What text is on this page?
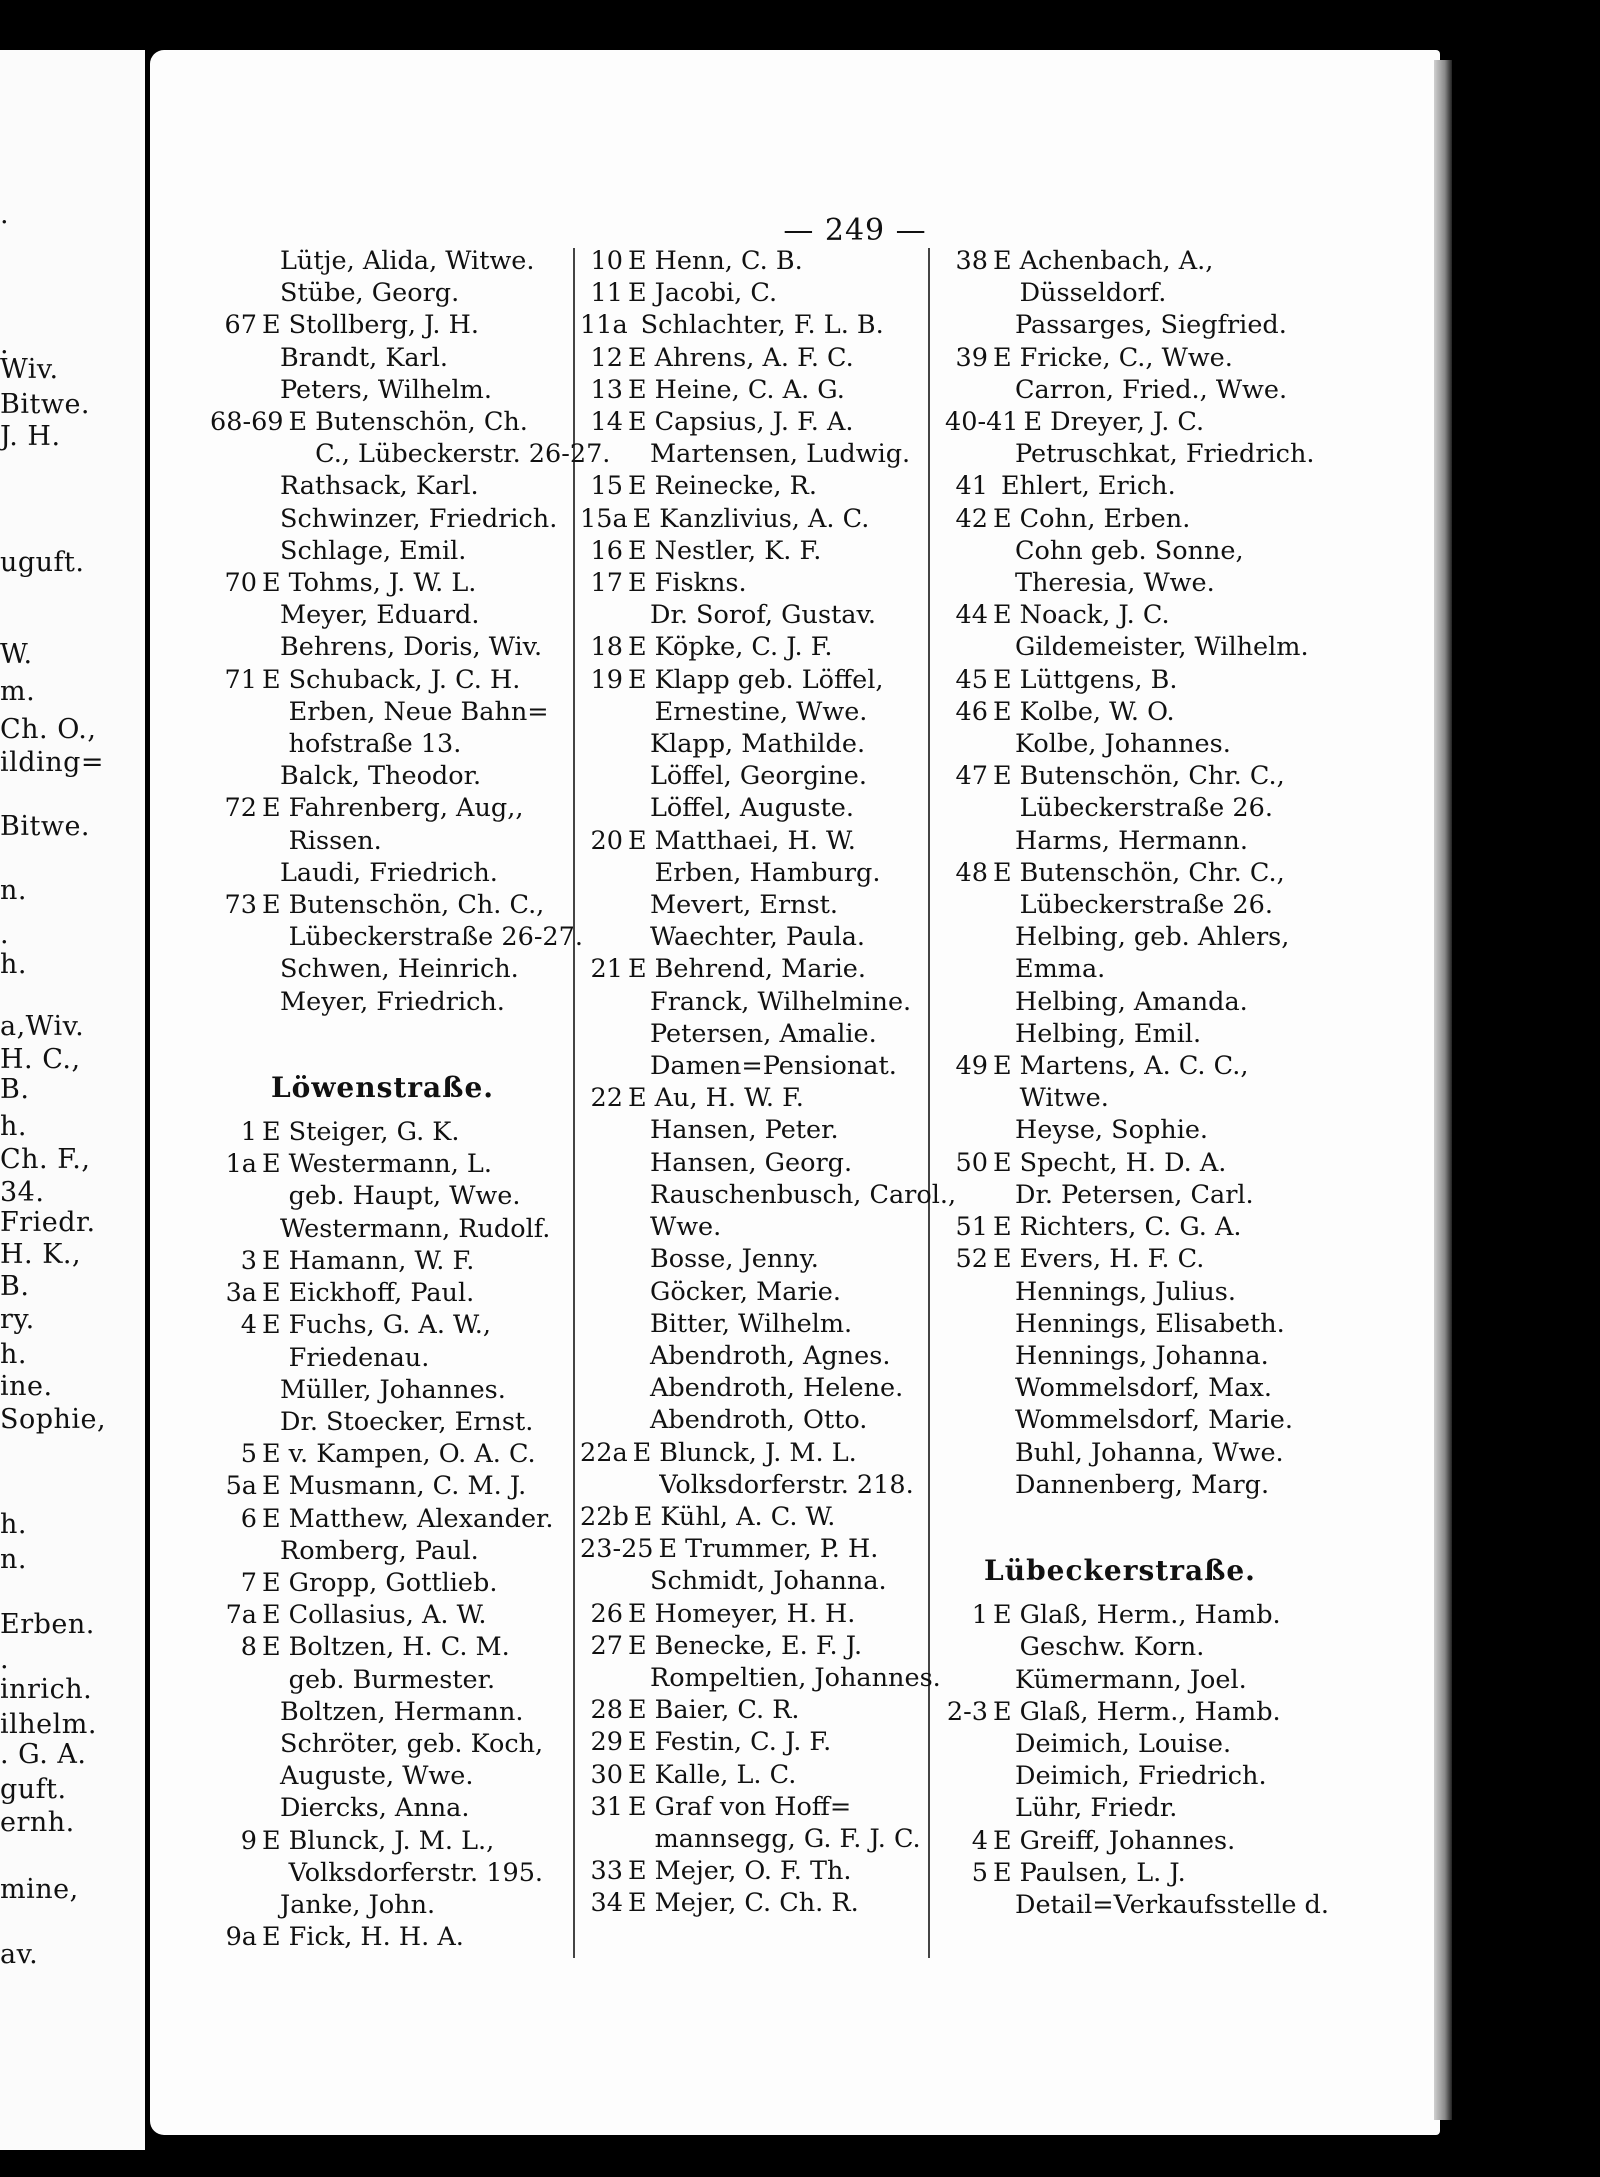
.
.
Wiv.
Bitwe.
J. H.
uguft.
W.
m.
Ch. O.,
ilding=
Bitwe.
n.
.
h.
a,Wiv.
H. C.,
B.
h.
Ch. F.,
34.
Friedr.
H. K.,
B.
ry.
h.
ine.
Sophie,
h.
n.
Erben.
.
inrich.
ilhelm.
. G. A.
guft.
ernh.
mine,
av.
— 249 —
Lütje, Alida, Witwe.
Stübe, Georg.
67 E Stollberg, J. H.
Brandt, Karl.
Peters, Wilhelm.
68-69 E Butenschön, Ch.
C., Lübeckerstr. 26-27.
Rathsack, Karl.
Schwinzer, Friedrich.
Schlage, Emil.
70 E Tohms, J. W. L.
Meyer, Eduard.
Behrens, Doris, Wiv.
71 E Schuback, J. C. H.
Erben, Neue Bahn=
hofstraße 13.
Balck, Theodor.
72 E Fahrenberg, Aug,,
Rissen.
Laudi, Friedrich.
73 E Butenschön, Ch. C.,
Lübeckerstraße 26-27.
Schwen, Heinrich.
Meyer, Friedrich.
Löwenstraße.
1 E Steiger, G. K.
1a E Westermann, L.
geb. Haupt, Wwe.
Westermann, Rudolf.
3 E Hamann, W. F.
3a E Eickhoff, Paul.
4 E Fuchs, G. A. W.,
Friedenau.
Müller, Johannes.
Dr. Stoecker, Ernst.
5 E v. Kampen, O. A. C.
5a E Musmann, C. M. J.
6 E Matthew, Alexander.
Romberg, Paul.
7 E Gropp, Gottlieb.
7a E Collasius, A. W.
8 E Boltzen, H. C. M.
geb. Burmester.
Boltzen, Hermann.
Schröter, geb. Koch,
Auguste, Wwe.
Diercks, Anna.
9 E Blunck, J. M. L.,
Volksdorferstr. 195.
Janke, John.
9a E Fick, H. H. A.
10 E Henn, C. B.
11 E Jacobi, C.
11a Schlachter, F. L. B.
12 E Ahrens, A. F. C.
13 E Heine, C. A. G.
14 E Capsius, J. F. A.
Martensen, Ludwig.
15 E Reinecke, R.
15a E Kanzlivius, A. C.
16 E Nestler, K. F.
17 E Fiskns.
Dr. Sorof, Gustav.
18 E Köpke, C. J. F.
19 E Klapp geb. Löffel,
Ernestine, Wwe.
Klapp, Mathilde.
Löffel, Georgine.
Löffel, Auguste.
20 E Matthaei, H. W.
Erben, Hamburg.
Mevert, Ernst.
Waechter, Paula.
21 E Behrend, Marie.
Franck, Wilhelmine.
Petersen, Amalie.
Damen=Pensionat.
22 E Au, H. W. F.
Hansen, Peter.
Hansen, Georg.
Rauschenbusch, Carol.,
Wwe.
Bosse, Jenny.
Göcker, Marie.
Bitter, Wilhelm.
Abendroth, Agnes.
Abendroth, Helene.
Abendroth, Otto.
22a E Blunck, J. M. L.
Volksdorferstr. 218.
22b E Kühl, A. C. W.
23-25 E Trummer, P. H.
Schmidt, Johanna.
26 E Homeyer, H. H.
27 E Benecke, E. F. J.
Rompeltien, Johannes.
28 E Baier, C. R.
29 E Festin, C. J. F.
30 E Kalle, L. C.
31 E Graf von Hoff=
mannsegg, G. F. J. C.
33 E Mejer, O. F. Th.
34 E Mejer, C. Ch. R.
38 E Achenbach, A.,
Düsseldorf.
Passarges, Siegfried.
39 E Fricke, C., Wwe.
Carron, Fried., Wwe.
40-41 E Dreyer, J. C.
Petruschkat, Friedrich.
41 Ehlert, Erich.
42 E Cohn, Erben.
Cohn geb. Sonne,
Theresia, Wwe.
44 E Noack, J. C.
Gildemeister, Wilhelm.
45 E Lüttgens, B.
46 E Kolbe, W. O.
Kolbe, Johannes.
47 E Butenschön, Chr. C.,
Lübeckerstraße 26.
Harms, Hermann.
48 E Butenschön, Chr. C.,
Lübeckerstraße 26.
Helbing, geb. Ahlers,
Emma.
Helbing, Amanda.
Helbing, Emil.
49 E Martens, A. C. C.,
Witwe.
Heyse, Sophie.
50 E Specht, H. D. A.
Dr. Petersen, Carl.
51 E Richters, C. G. A.
52 E Evers, H. F. C.
Hennings, Julius.
Hennings, Elisabeth.
Hennings, Johanna.
Wommelsdorf, Max.
Wommelsdorf, Marie.
Buhl, Johanna, Wwe.
Dannenberg, Marg.
Lübeckerstraße.
1 E Glaß, Herm., Hamb.
Geschw. Korn.
Kümermann, Joel.
2-3 E Glaß, Herm., Hamb.
Deimich, Louise.
Deimich, Friedrich.
Lühr, Friedr.
4 E Greiff, Johannes.
5 E Paulsen, L. J.
Detail=Verkaufsstelle d.
